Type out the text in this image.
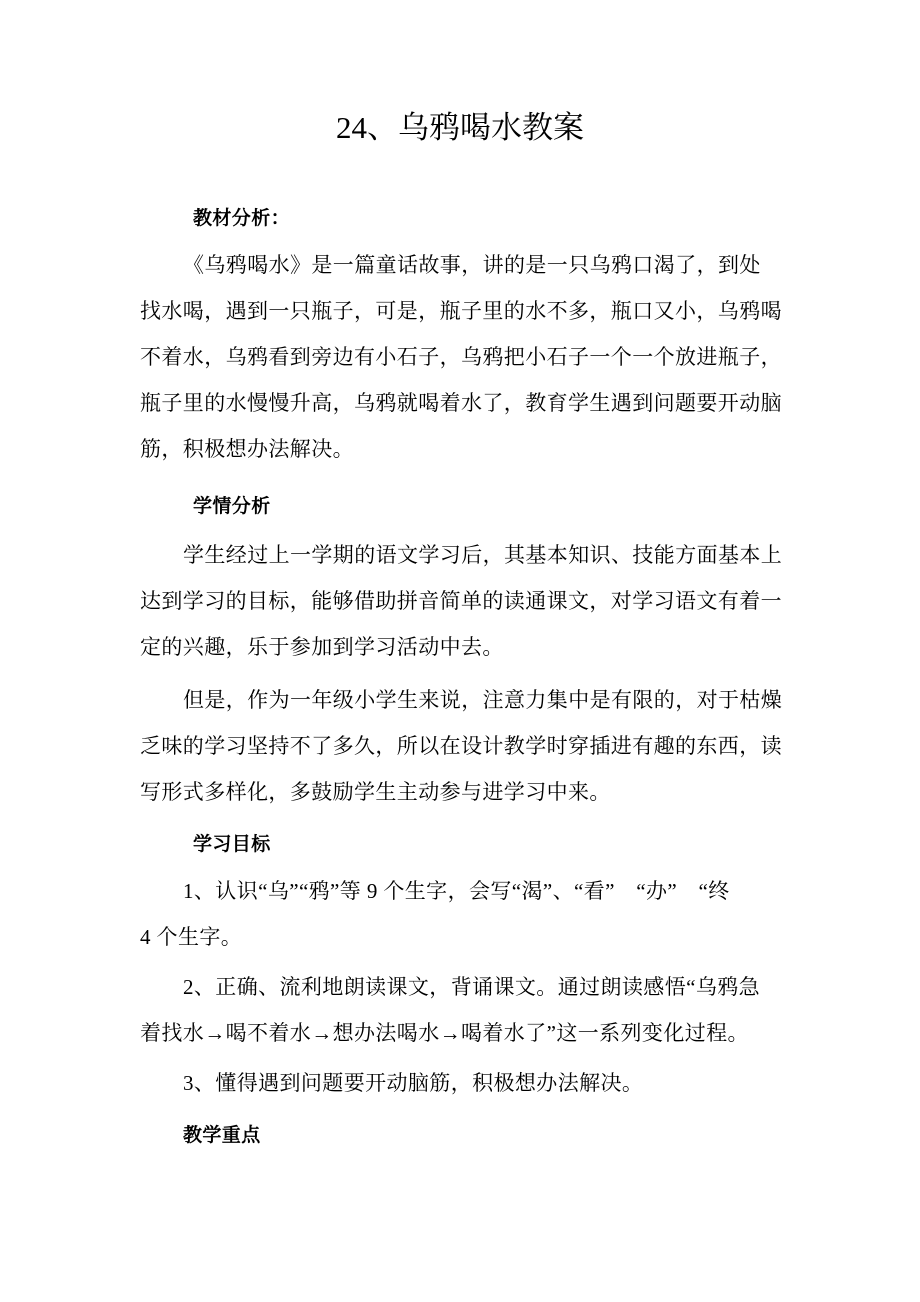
24、乌鸦喝水教案
教材分析：
《乌鸦喝水》是一篇童话故事，讲的是一只乌鸦口渴了，到处
找水喝，遇到一只瓶子，可是，瓶子里的水不多，瓶口又小，乌鸦喝
不着水，乌鸦看到旁边有小石子，乌鸦把小石子一个一个放进瓶子，
瓶子里的水慢慢升高，乌鸦就喝着水了，教育学生遇到问题要开动脑
筋，积极想办法解决。
学情分析
学生经过上一学期的语文学习后，其基本知识、技能方面基本上
达到学习的目标，能够借助拼音简单的读通课文，对学习语文有着一
定的兴趣，乐于参加到学习活动中去。
但是，作为一年级小学生来说，注意力集中是有限的，对于枯燥
乏味的学习坚持不了多久，所以在设计教学时穿插进有趣的东西，读
写形式多样化，多鼓励学生主动参与进学习中来。
学习目标
1、认识“乌”“鸦”等 9 个生字，会写“渴”、“看”　“办”　“终
4 个生字。
2、正确、流利地朗读课文，背诵课文。通过朗读感悟“乌鸦急
着找水→喝不着水→想办法喝水→喝着水了”这一系列变化过程。
3、懂得遇到问题要开动脑筋，积极想办法解决。
教学重点
